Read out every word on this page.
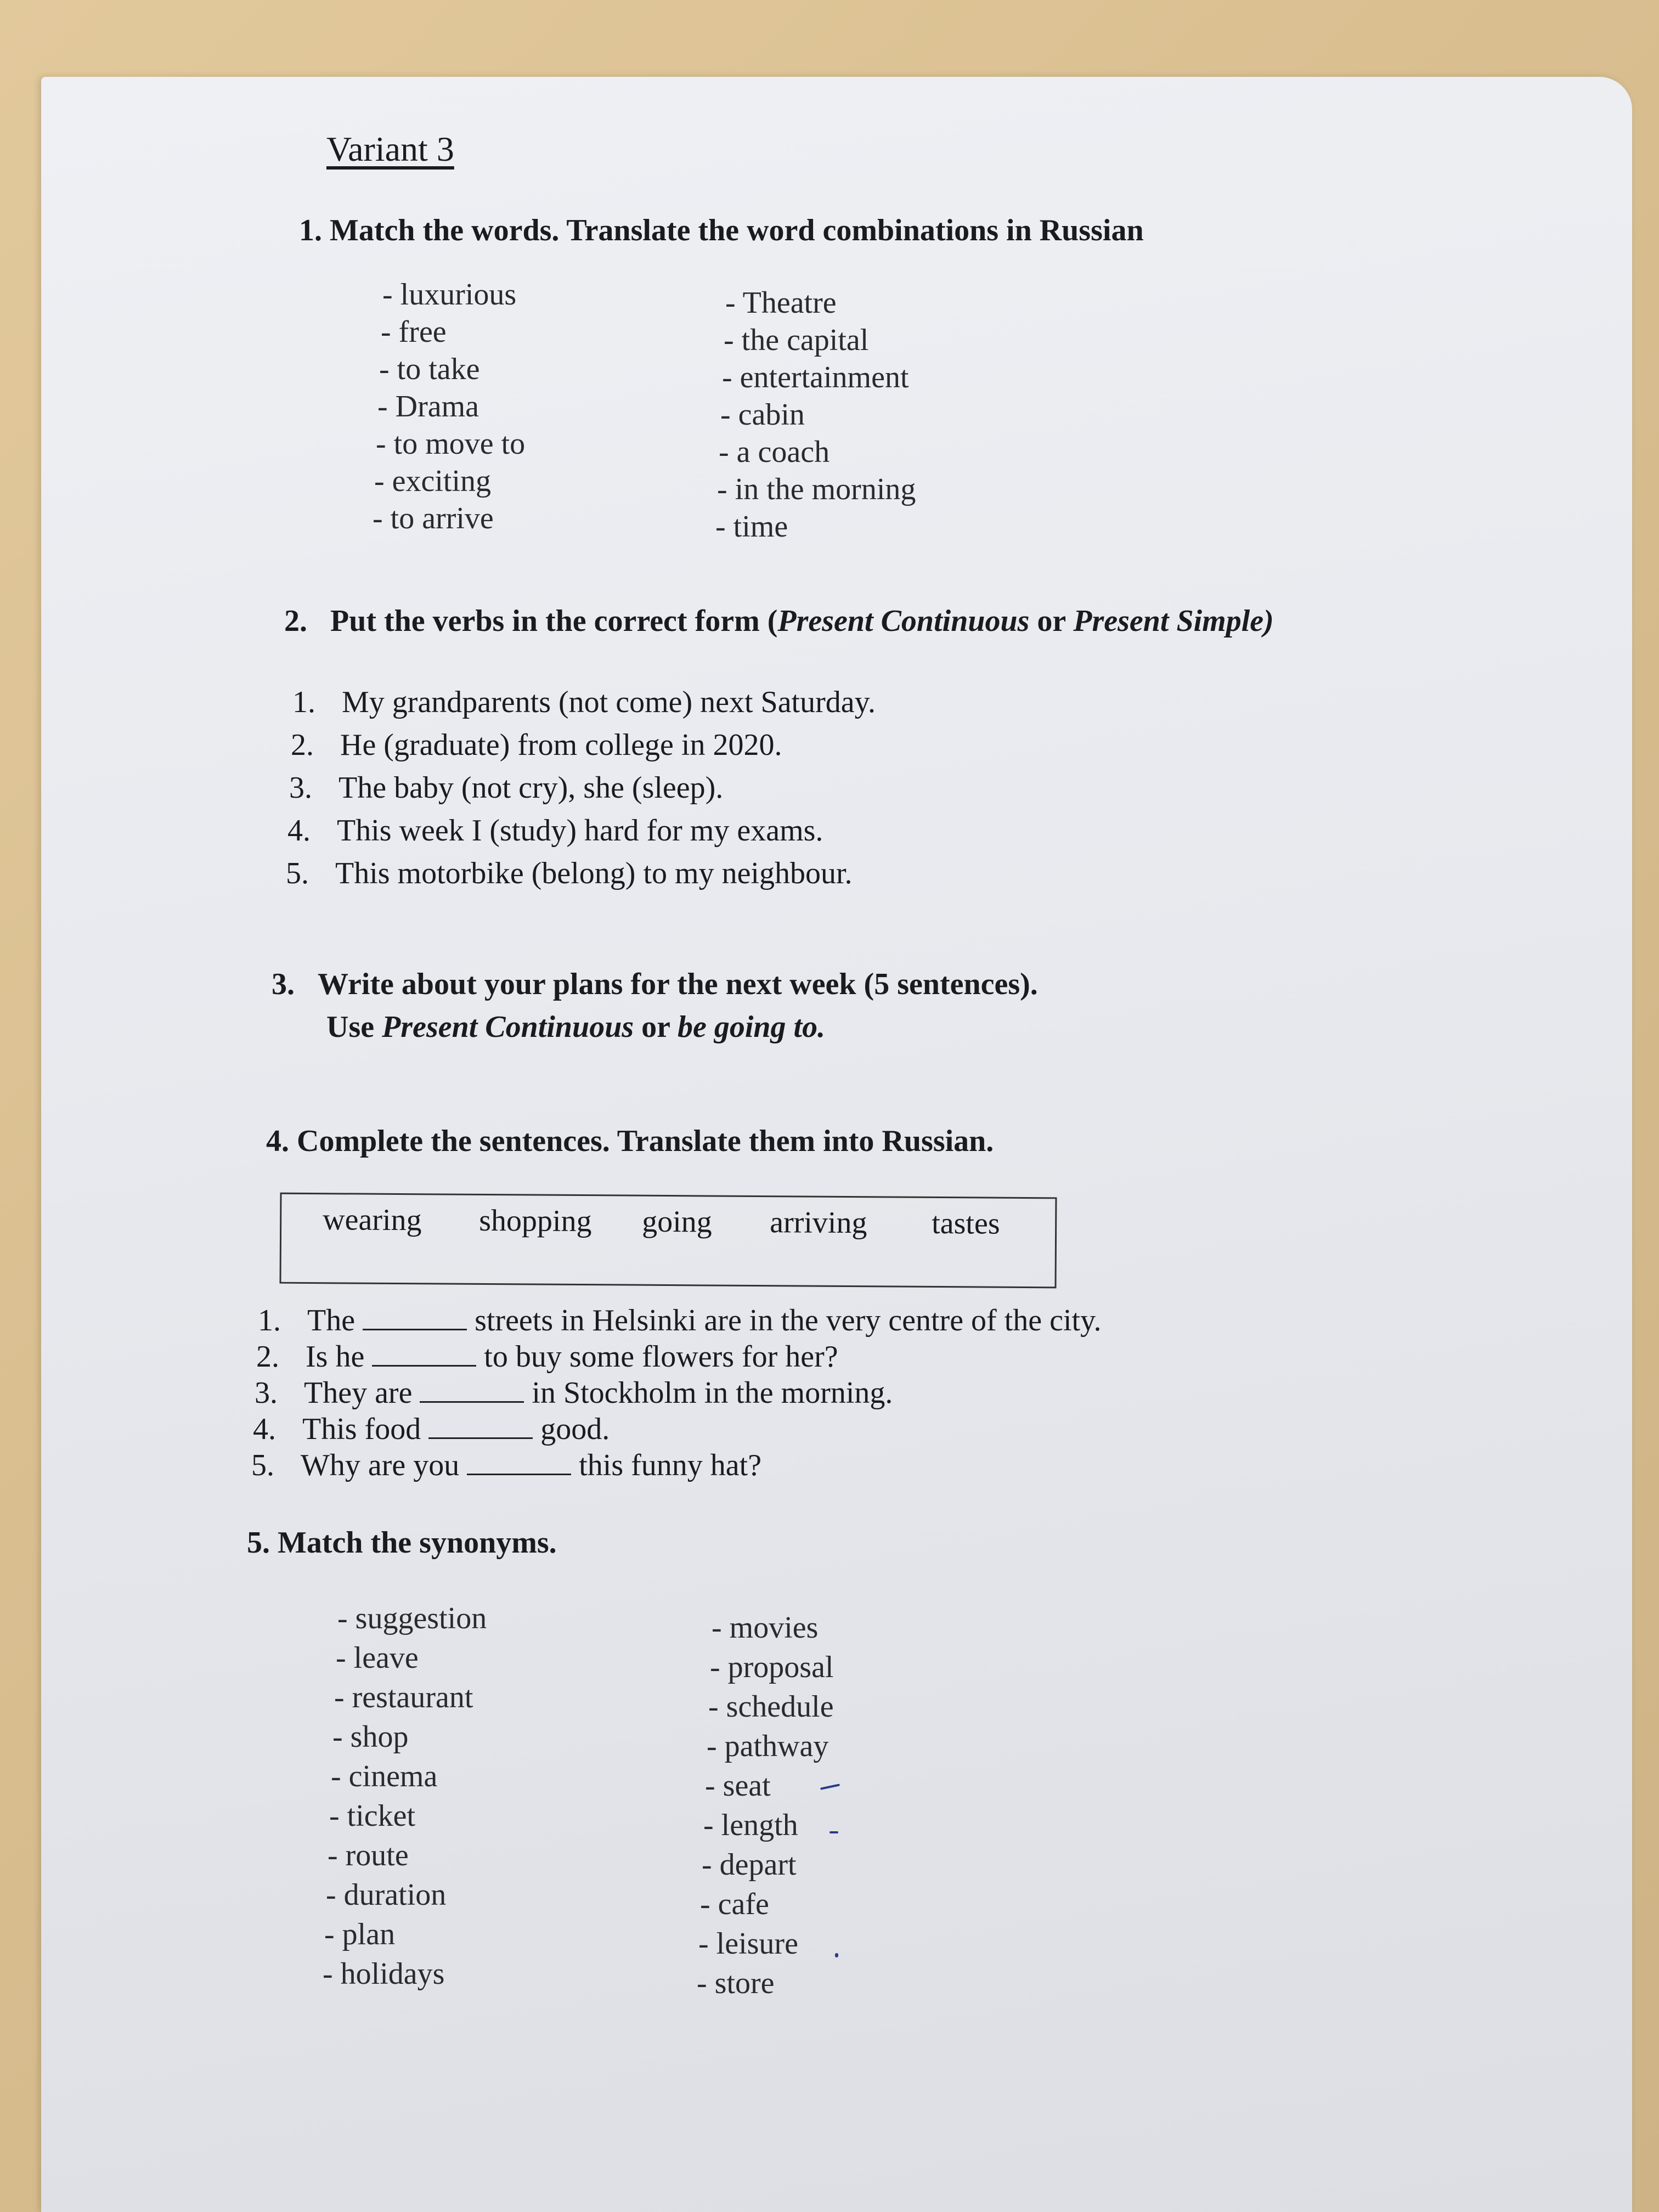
Variant 3
1. Match the words. Translate the word combinations in Russian
- luxurious
- free
- to take
- Drama
- to move to
- exciting
- to arrive
- Theatre
- the capital
- entertainment
- cabin
- a coach
- in the morning
- time
2. Put the verbs in the correct form (Present Continuous or Present Simple)
1. My grandparents (not come) next Saturday.
2. He (graduate) from college in 2020.
3. The baby (not cry), she (sleep).
4. This week I (study) hard for my exams.
5. This motorbike (belong) to my neighbour.
3. Write about your plans for the next week (5 sentences).
Use Present Continuous or be going to.
4. Complete the sentences. Translate them into Russian.
wearing shopping going arriving tastes
1. The	streets in Helsinki are in the very centre of the city.
2. Is he	to buy some flowers for her?
3. They are	in Stockholm in the morning.
4. This food	good.
5. Why are you	this funny hat?
5. Match the synonyms.
- suggestion
- leave
- restaurant
- shop
- cinema
- ticket
- route
- duration
- plan
- holidays
- movies
- proposal
- schedule
- pathway
- seat
- length
- depart
- cafe
- leisure
- store
